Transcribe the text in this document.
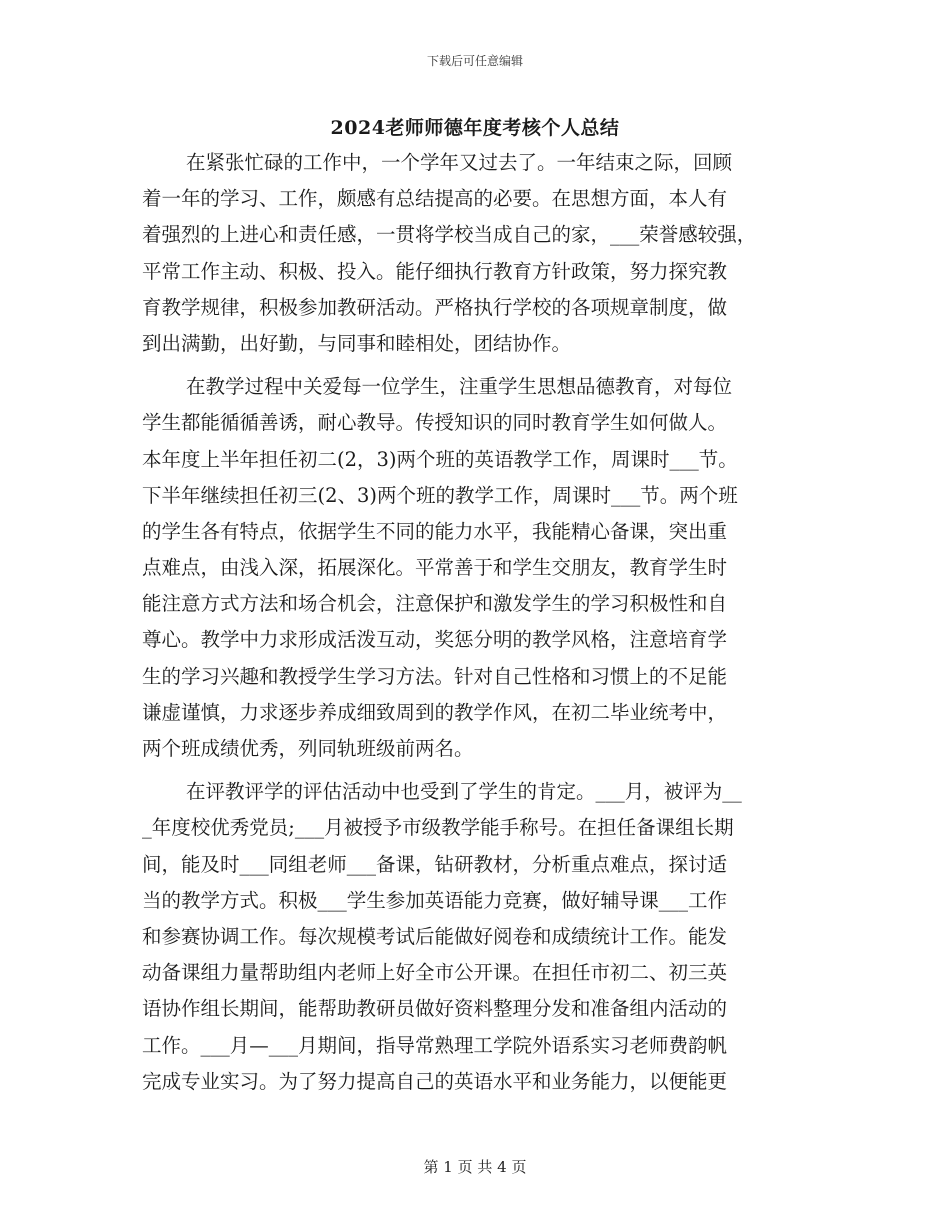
下载后可任意编辑
2024老师师德年度考核个人总结
在紧张忙碌的工作中，一个学年又过去了。一年结束之际，回顾
着一年的学习、工作，颇感有总结提高的必要。在思想方面，本人有
着强烈的上进心和责任感，一贯将学校当成自己的家，___荣誉感较强，
平常工作主动、积极、投入。能仔细执行教育方针政策，努力探究教
育教学规律，积极参加教研活动。严格执行学校的各项规章制度，做
到出满勤，出好勤，与同事和睦相处，团结协作。
在教学过程中关爱每一位学生，注重学生思想品德教育，对每位
学生都能循循善诱，耐心教导。传授知识的同时教育学生如何做人。
本年度上半年担任初二(2，3)两个班的英语教学工作，周课时___节。
下半年继续担任初三(2、3)两个班的教学工作，周课时___节。两个班
的学生各有特点，依据学生不同的能力水平，我能精心备课，突出重
点难点，由浅入深，拓展深化。平常善于和学生交朋友，教育学生时
能注意方式方法和场合机会，注意保护和激发学生的学习积极性和自
尊心。教学中力求形成活泼互动，奖惩分明的教学风格，注意培育学
生的学习兴趣和教授学生学习方法。针对自己性格和习惯上的不足能
谦虚谨慎，力求逐步养成细致周到的教学作风，在初二毕业统考中，
两个班成绩优秀，列同轨班级前两名。
在评教评学的评估活动中也受到了学生的肯定。___月，被评为__
_年度校优秀党员;___月被授予市级教学能手称号。在担任备课组长期
间，能及时___同组老师___备课，钻研教材，分析重点难点，探讨适
当的教学方式。积极___学生参加英语能力竞赛，做好辅导课___工作
和参赛协调工作。每次规模考试后能做好阅卷和成绩统计工作。能发
动备课组力量帮助组内老师上好全市公开课。在担任市初二、初三英
语协作组长期间，能帮助教研员做好资料整理分发和准备组内活动的
工作。___月—___月期间，指导常熟理工学院外语系实习老师费韵帆
完成专业实习。为了努力提高自己的英语水平和业务能力，以便能更
第 1 页 共 4 页
